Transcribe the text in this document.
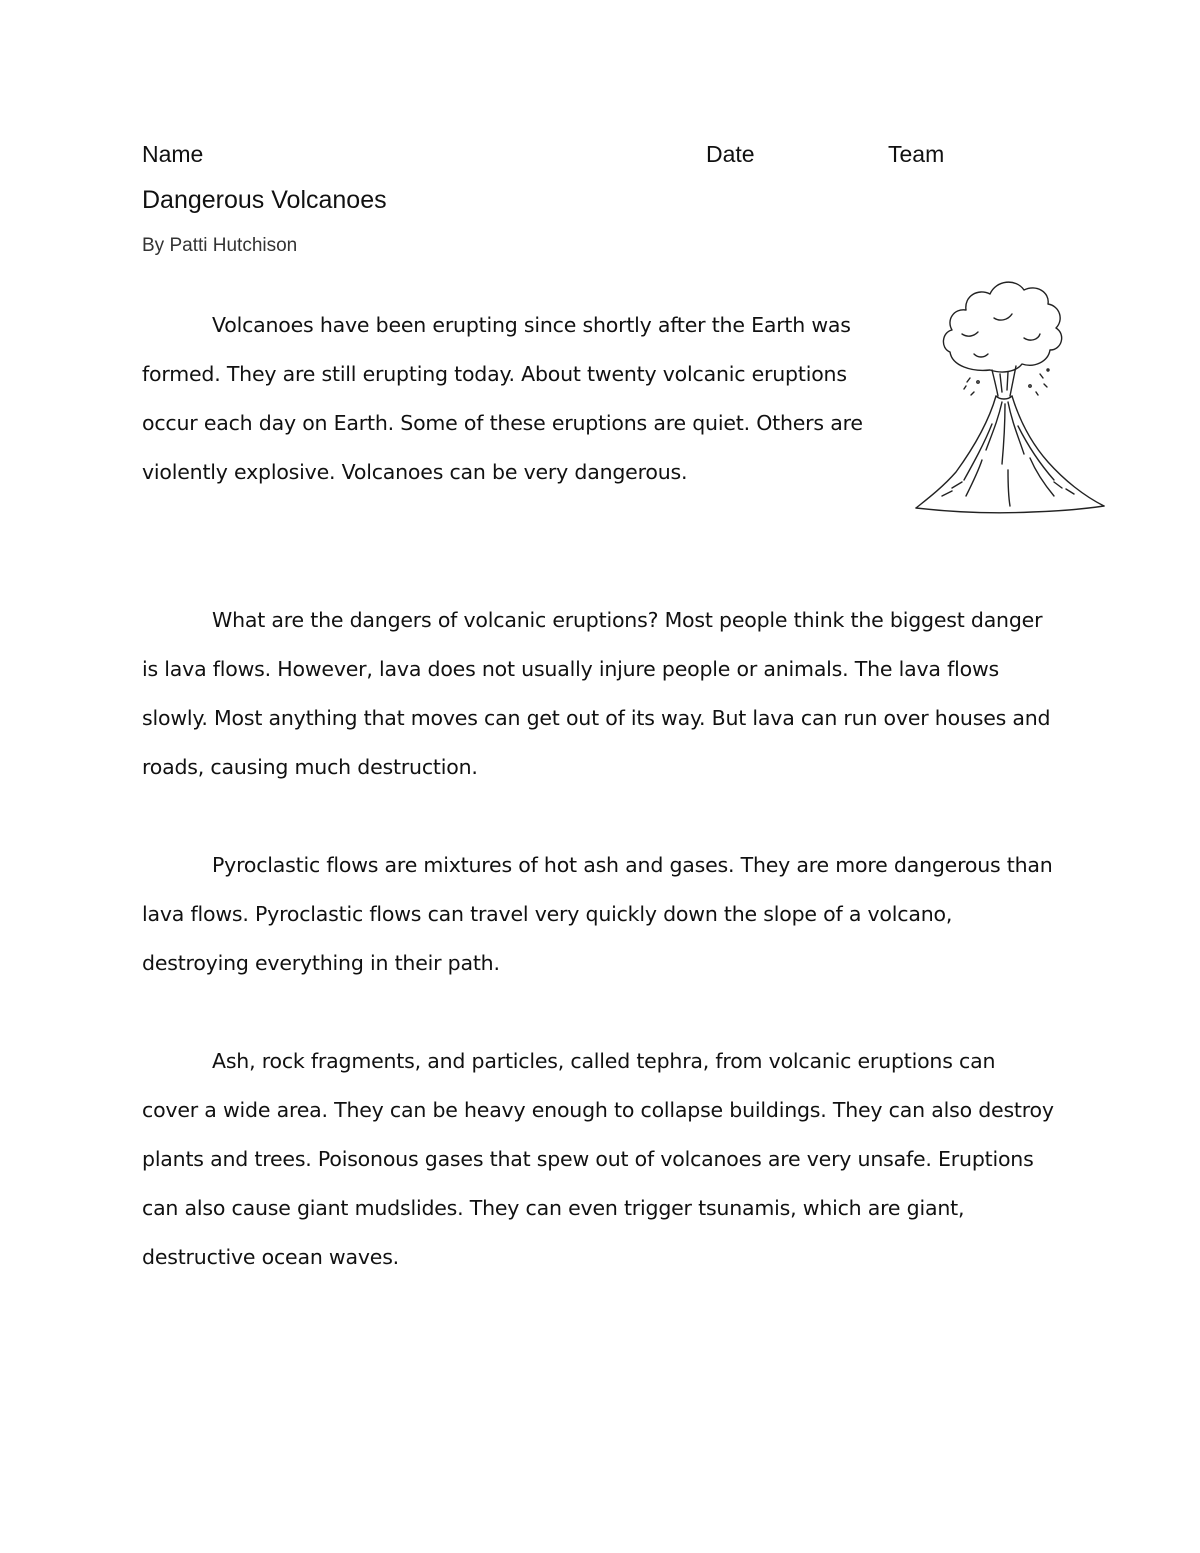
Name	Date	Team
Dangerous Volcanoes
By Patti Hutchison

Volcanoes have been erupting since shortly after the Earth was formed. They are still erupting today. About twenty volcanic eruptions occur each day on Earth. Some of these eruptions are quiet. Others are violently explosive. Volcanoes can be very dangerous.

What are the dangers of volcanic eruptions? Most people think the biggest danger is lava flows. However, lava does not usually injure people or animals. The lava flows slowly. Most anything that moves can get out of its way. But lava can run over houses and roads, causing much destruction.

Pyroclastic flows are mixtures of hot ash and gases. They are more dangerous than lava flows. Pyroclastic flows can travel very quickly down the slope of a volcano, destroying everything in their path.

Ash, rock fragments, and particles, called tephra, from volcanic eruptions can cover a wide area. They can be heavy enough to collapse buildings. They can also destroy plants and trees. Poisonous gases that spew out of volcanoes are very unsafe. Eruptions can also cause giant mudslides. They can even trigger tsunamis, which are giant, destructive ocean waves.
